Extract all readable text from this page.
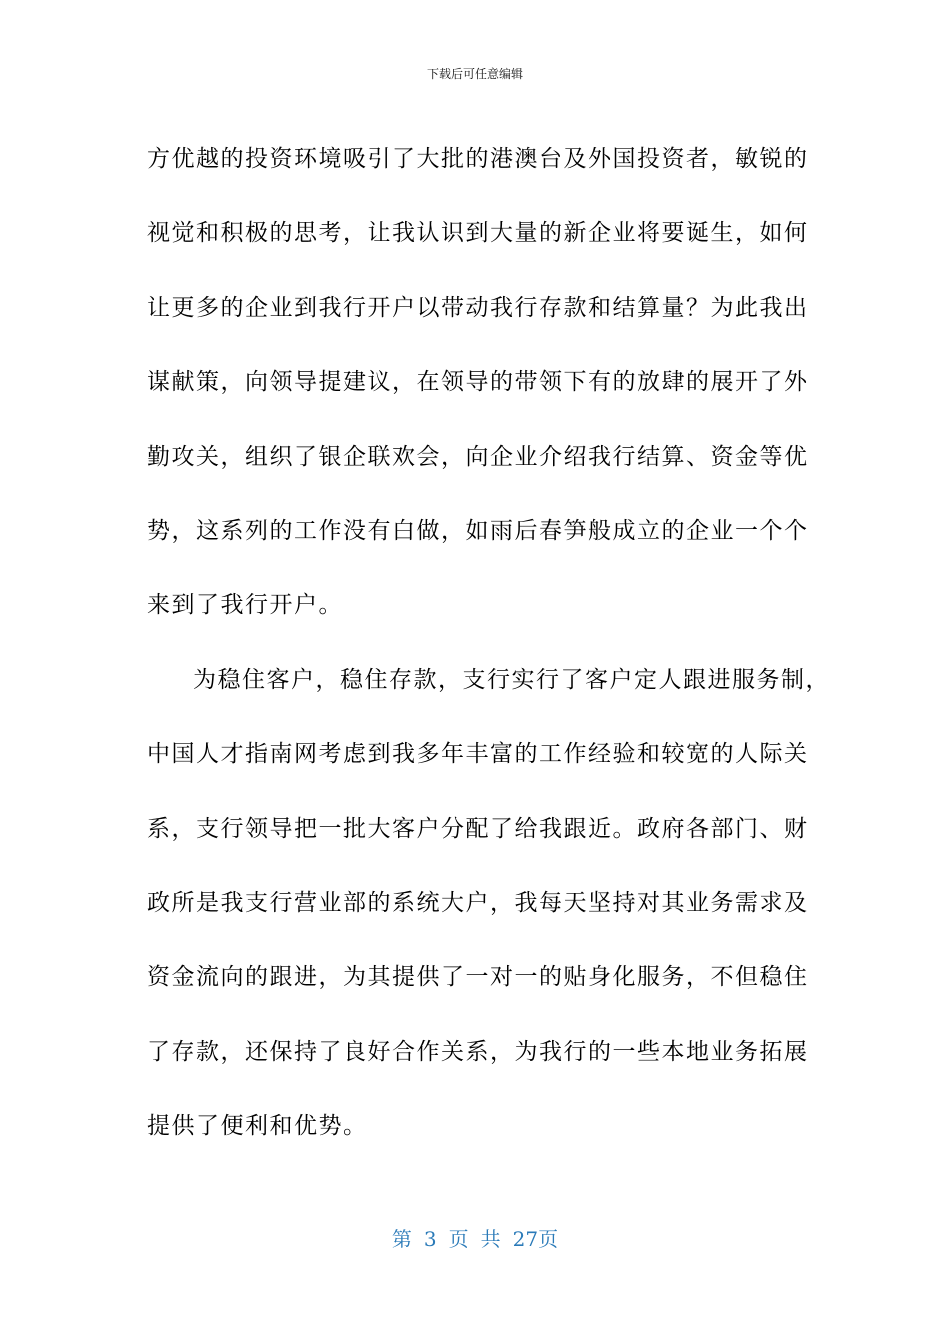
下载后可任意编辑
方优越的投资环境吸引了大批的港澳台及外国投资者，敏锐的
视觉和积极的思考，让我认识到大量的新企业将要诞生，如何
让更多的企业到我行开户以带动我行存款和结算量？为此我出
谋献策，向领导提建议，在领导的带领下有的放肆的展开了外
勤攻关，组织了银企联欢会，向企业介绍我行结算、资金等优
势，这系列的工作没有白做，如雨后春笋般成立的企业一个个
来到了我行开户。
为稳住客户，稳住存款，支行实行了客户定人跟进服务制，
中国人才指南网考虑到我多年丰富的工作经验和较宽的人际关
系，支行领导把一批大客户分配了给我跟近。政府各部门、财
政所是我支行营业部的系统大户，我每天坚持对其业务需求及
资金流向的跟进，为其提供了一对一的贴身化服务，不但稳住
了存款，还保持了良好合作关系，为我行的一些本地业务拓展
提供了便利和优势。
第 3 页 共 27页
